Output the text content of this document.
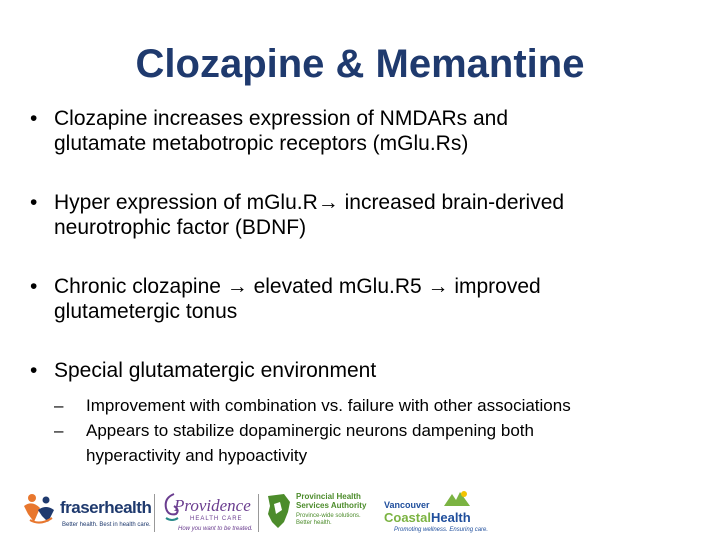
Clozapine & Memantine
• Clozapine increases expression of NMDARs and
glutamate metabotropic receptors (mGlu.Rs)
• Hyper expression of mGlu.R→ increased brain-derived
neurotrophic factor (BDNF)
• Chronic clozapine → elevated mGlu.R5 → improved
glutametergic tonus
• Special glutamatergic environment
– Improvement with combination vs. failure with other associations
– Appears to stabilize dopaminergic neurons dampening both
hyperactivity and hypoactivity
fraserhealth
Better health. Best in health care.
Providence
HEALTH CARE
How you want to be treated.
Provincial Health
Services Authority
Province-wide solutions.
Better health.
Vancouver
CoastalHealth
Promoting wellness. Ensuring care.
